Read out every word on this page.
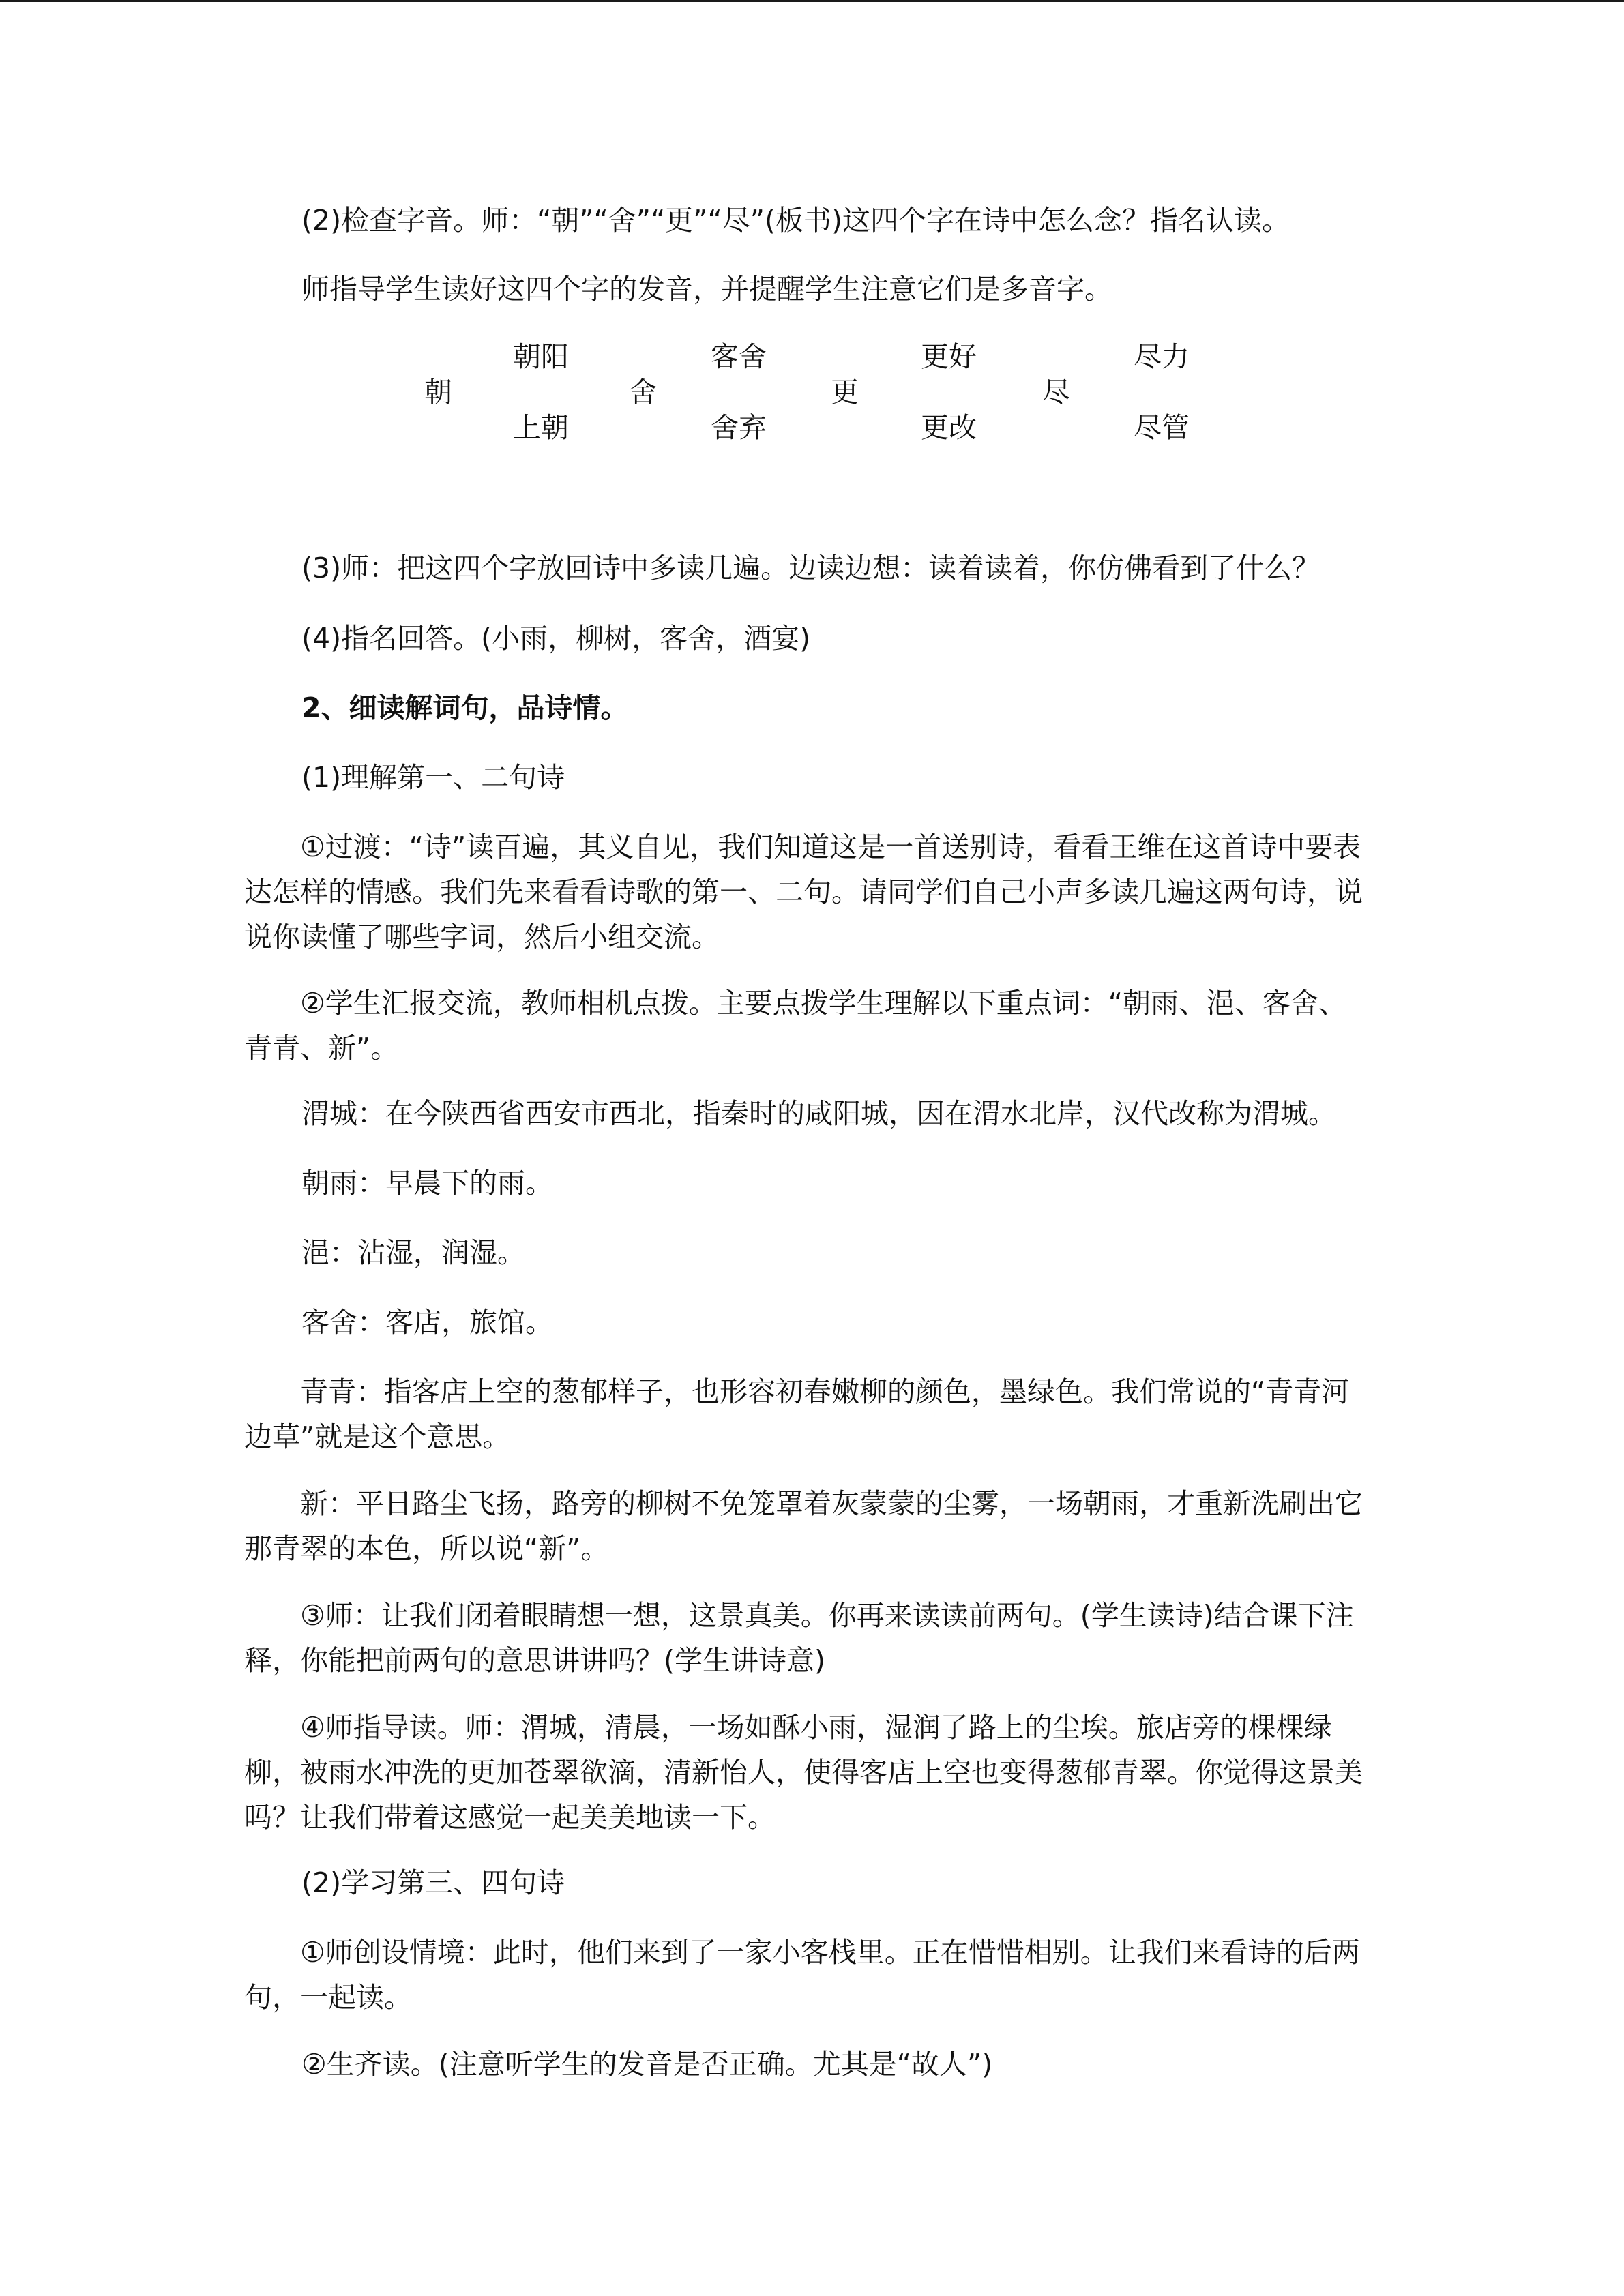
(2)检查字音。师：“朝”“舍”“更”“尽”(板书)这四个字在诗中怎么念？指名认读。

师指导学生读好这四个字的发音，并提醒学生注意它们是多音字。

朝阳
朝
上朝
客舍
舍
舍弃
更好
更
更改
尽力
尽
尽管

(3)师：把这四个字放回诗中多读几遍。边读边想：读着读着，你仿佛看到了什么？

(4)指名回答。(小雨，柳树，客舍，酒宴)

2、细读解词句，品诗情。

(1)理解第一、二句诗

①过渡：“诗”读百遍，其义自见，我们知道这是一首送别诗，看看王维在这首诗中要表达怎样的情感。我们先来看看诗歌的第一、二句。请同学们自己小声多读几遍这两句诗，说说你读懂了哪些字词，然后小组交流。

②学生汇报交流，教师相机点拨。主要点拨学生理解以下重点词：“朝雨、浥、客舍、青青、新”。

渭城：在今陕西省西安市西北，指秦时的咸阳城，因在渭水北岸，汉代改称为渭城。

朝雨：早晨下的雨。

浥：沾湿，润湿。

客舍：客店，旅馆。

青青：指客店上空的葱郁样子，也形容初春嫩柳的颜色，墨绿色。我们常说的“青青河边草”就是这个意思。

新：平日路尘飞扬，路旁的柳树不免笼罩着灰蒙蒙的尘雾，一场朝雨，才重新洗刷出它那青翠的本色，所以说“新”。

③师：让我们闭着眼睛想一想，这景真美。你再来读读前两句。(学生读诗)结合课下注释，你能把前两句的意思讲讲吗？(学生讲诗意)

④师指导读。师：渭城，清晨，一场如酥小雨，湿润了路上的尘埃。旅店旁的棵棵绿柳，被雨水冲洗的更加苍翠欲滴，清新怡人，使得客店上空也变得葱郁青翠。你觉得这景美吗？让我们带着这感觉一起美美地读一下。

(2)学习第三、四句诗

①师创设情境：此时，他们来到了一家小客栈里。正在惜惜相别。让我们来看诗的后两句，一起读。

②生齐读。(注意听学生的发音是否正确。尤其是“故人”)
